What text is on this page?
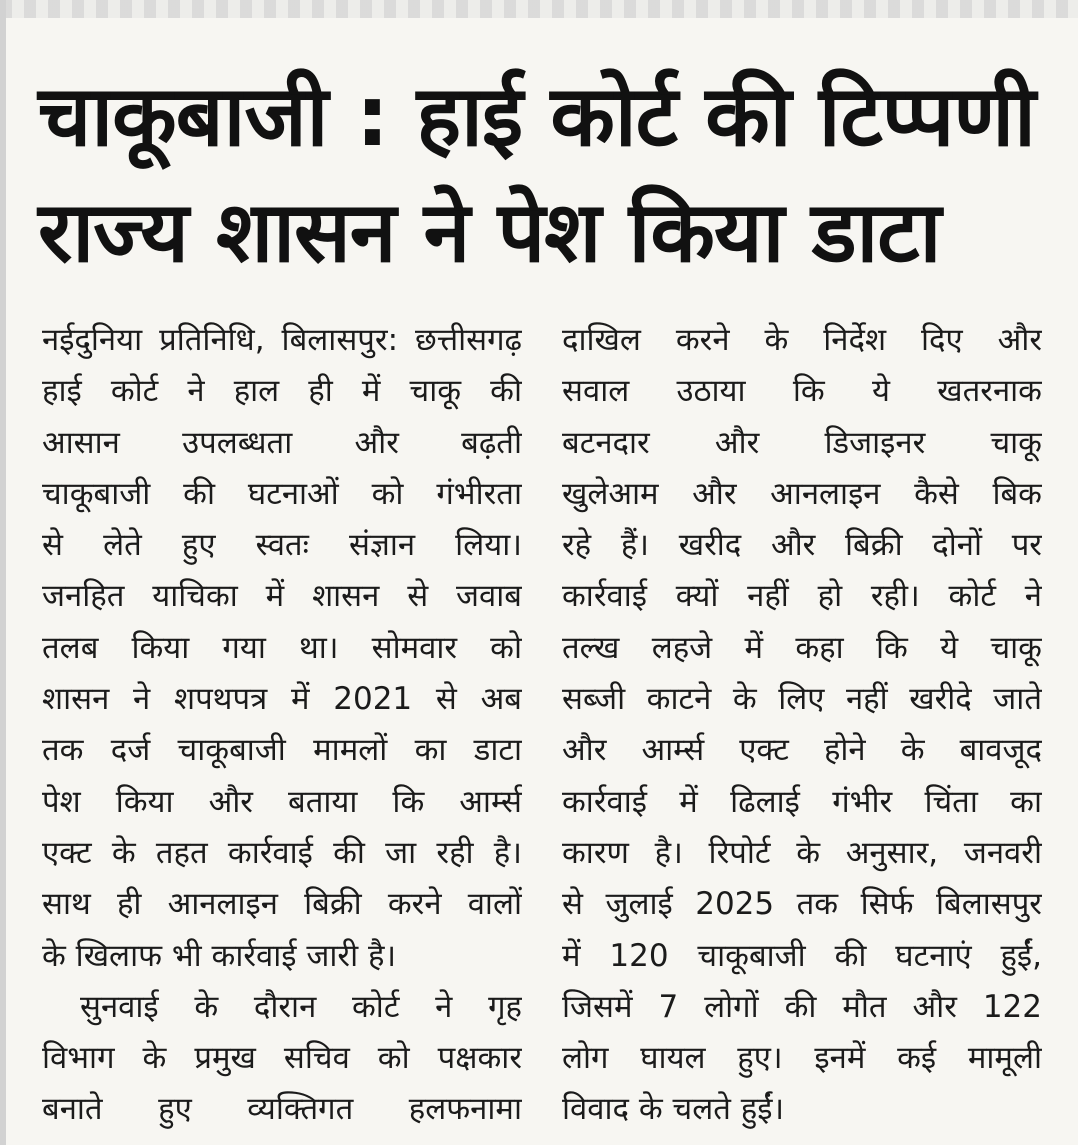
चाकूबाजी : हाई कोर्ट की टिप्पणी
राज्य शासन ने पेश किया डाटा
नईदुनिया प्रतिनिधि, बिलासपुर: छत्तीसगढ़
हाई कोर्ट ने हाल ही में चाकू की
आसान उपलब्धता और बढ़ती
चाकूबाजी की घटनाओं को गंभीरता
से लेते हुए स्वतः संज्ञान लिया।
जनहित याचिका में शासन से जवाब
तलब किया गया था। सोमवार को
शासन ने शपथपत्र में 2021 से अब
तक दर्ज चाकूबाजी मामलों का डाटा
पेश किया और बताया कि आर्म्स
एक्ट के तहत कार्रवाई की जा रही है।
साथ ही आनलाइन बिक्री करने वालों
के खिलाफ भी कार्रवाई जारी है।
सुनवाई के दौरान कोर्ट ने गृह
विभाग के प्रमुख सचिव को पक्षकार
बनाते हुए व्यक्तिगत हलफनामा
दाखिल करने के निर्देश दिए और
सवाल उठाया कि ये खतरनाक
बटनदार और डिजाइनर चाकू
खुलेआम और आनलाइन कैसे बिक
रहे हैं। खरीद और बिक्री दोनों पर
कार्रवाई क्यों नहीं हो रही। कोर्ट ने
तल्ख लहजे में कहा कि ये चाकू
सब्जी काटने के लिए नहीं खरीदे जाते
और आर्म्स एक्ट होने के बावजूद
कार्रवाई में ढिलाई गंभीर चिंता का
कारण है। रिपोर्ट के अनुसार, जनवरी
से जुलाई 2025 तक सिर्फ बिलासपुर
में 120 चाकूबाजी की घटनाएं हुईं,
जिसमें 7 लोगों की मौत और 122
लोग घायल हुए। इनमें कई मामूली
विवाद के चलते हुईं।
